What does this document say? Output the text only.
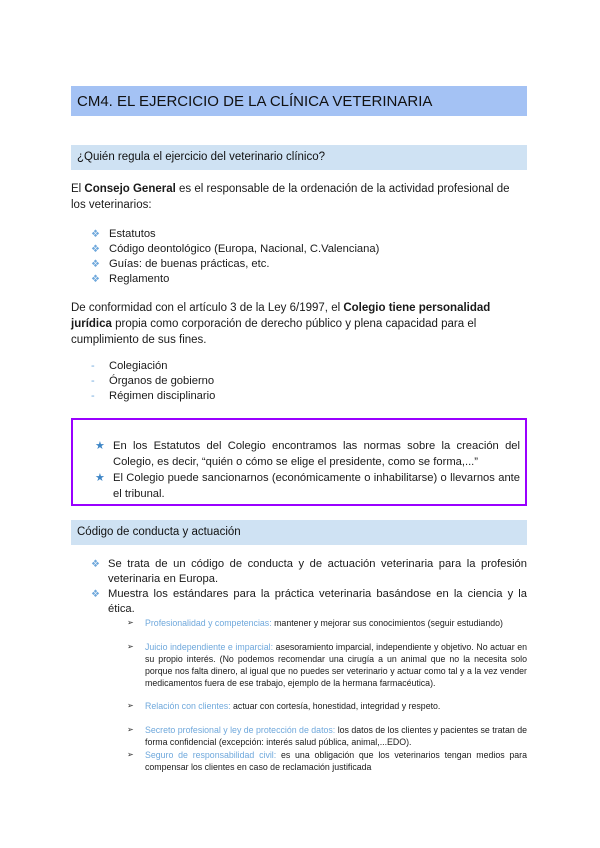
CM4. EL EJERCICIO DE LA CLÍNICA VETERINARIA
¿Quién regula el ejercicio del veterinario clínico?

El Consejo General es el responsable de la ordenación de la actividad profesional de los veterinarios:

❖ Estatutos
❖ Código deontológico (Europa, Nacional, C.Valenciana)
❖ Guías: de buenas prácticas, etc.
❖ Reglamento

De conformidad con el artículo 3 de la Ley 6/1997, el Colegio tiene personalidad jurídica propia como corporación de derecho público y plena capacidad para el cumplimiento de sus fines.

- Colegiación
- Órganos de gobierno
- Régimen disciplinario
★ En los Estatutos del Colegio encontramos las normas sobre la creación del Colegio, es decir, “quién o cómo se elige el presidente, como se forma,...”
★ El Colegio puede sancionarnos (económicamente o inhabilitarse) o llevarnos ante el tribunal.
Código de conducta y actuación
❖ Se trata de un código de conducta y de actuación veterinaria para la profesión veterinaria en Europa.
❖ Muestra los estándares para la práctica veterinaria basándose en la ciencia y la ética.
➢ Profesionalidad y competencias: mantener y mejorar sus conocimientos (seguir estudiando)
➢ Juicio independiente e imparcial: asesoramiento imparcial, independiente y objetivo. No actuar en su propio interés. (No podemos recomendar una cirugía a un animal que no la necesita solo porque nos falta dinero, al igual que no puedes ser veterinario y actuar como tal y a la vez vender medicamentos fuera de ese trabajo, ejemplo de la hermana farmacéutica).
➢ Relación con clientes: actuar con cortesía, honestidad, integridad y respeto.
➢ Secreto profesional y ley de protección de datos: los datos de los clientes y pacientes se tratan de forma confidencial (excepción: interés salud pública, animal,...EDO).
➢ Seguro de responsabilidad civil: es una obligación que los veterinarios tengan medios para compensar los clientes en caso de reclamación justificada
